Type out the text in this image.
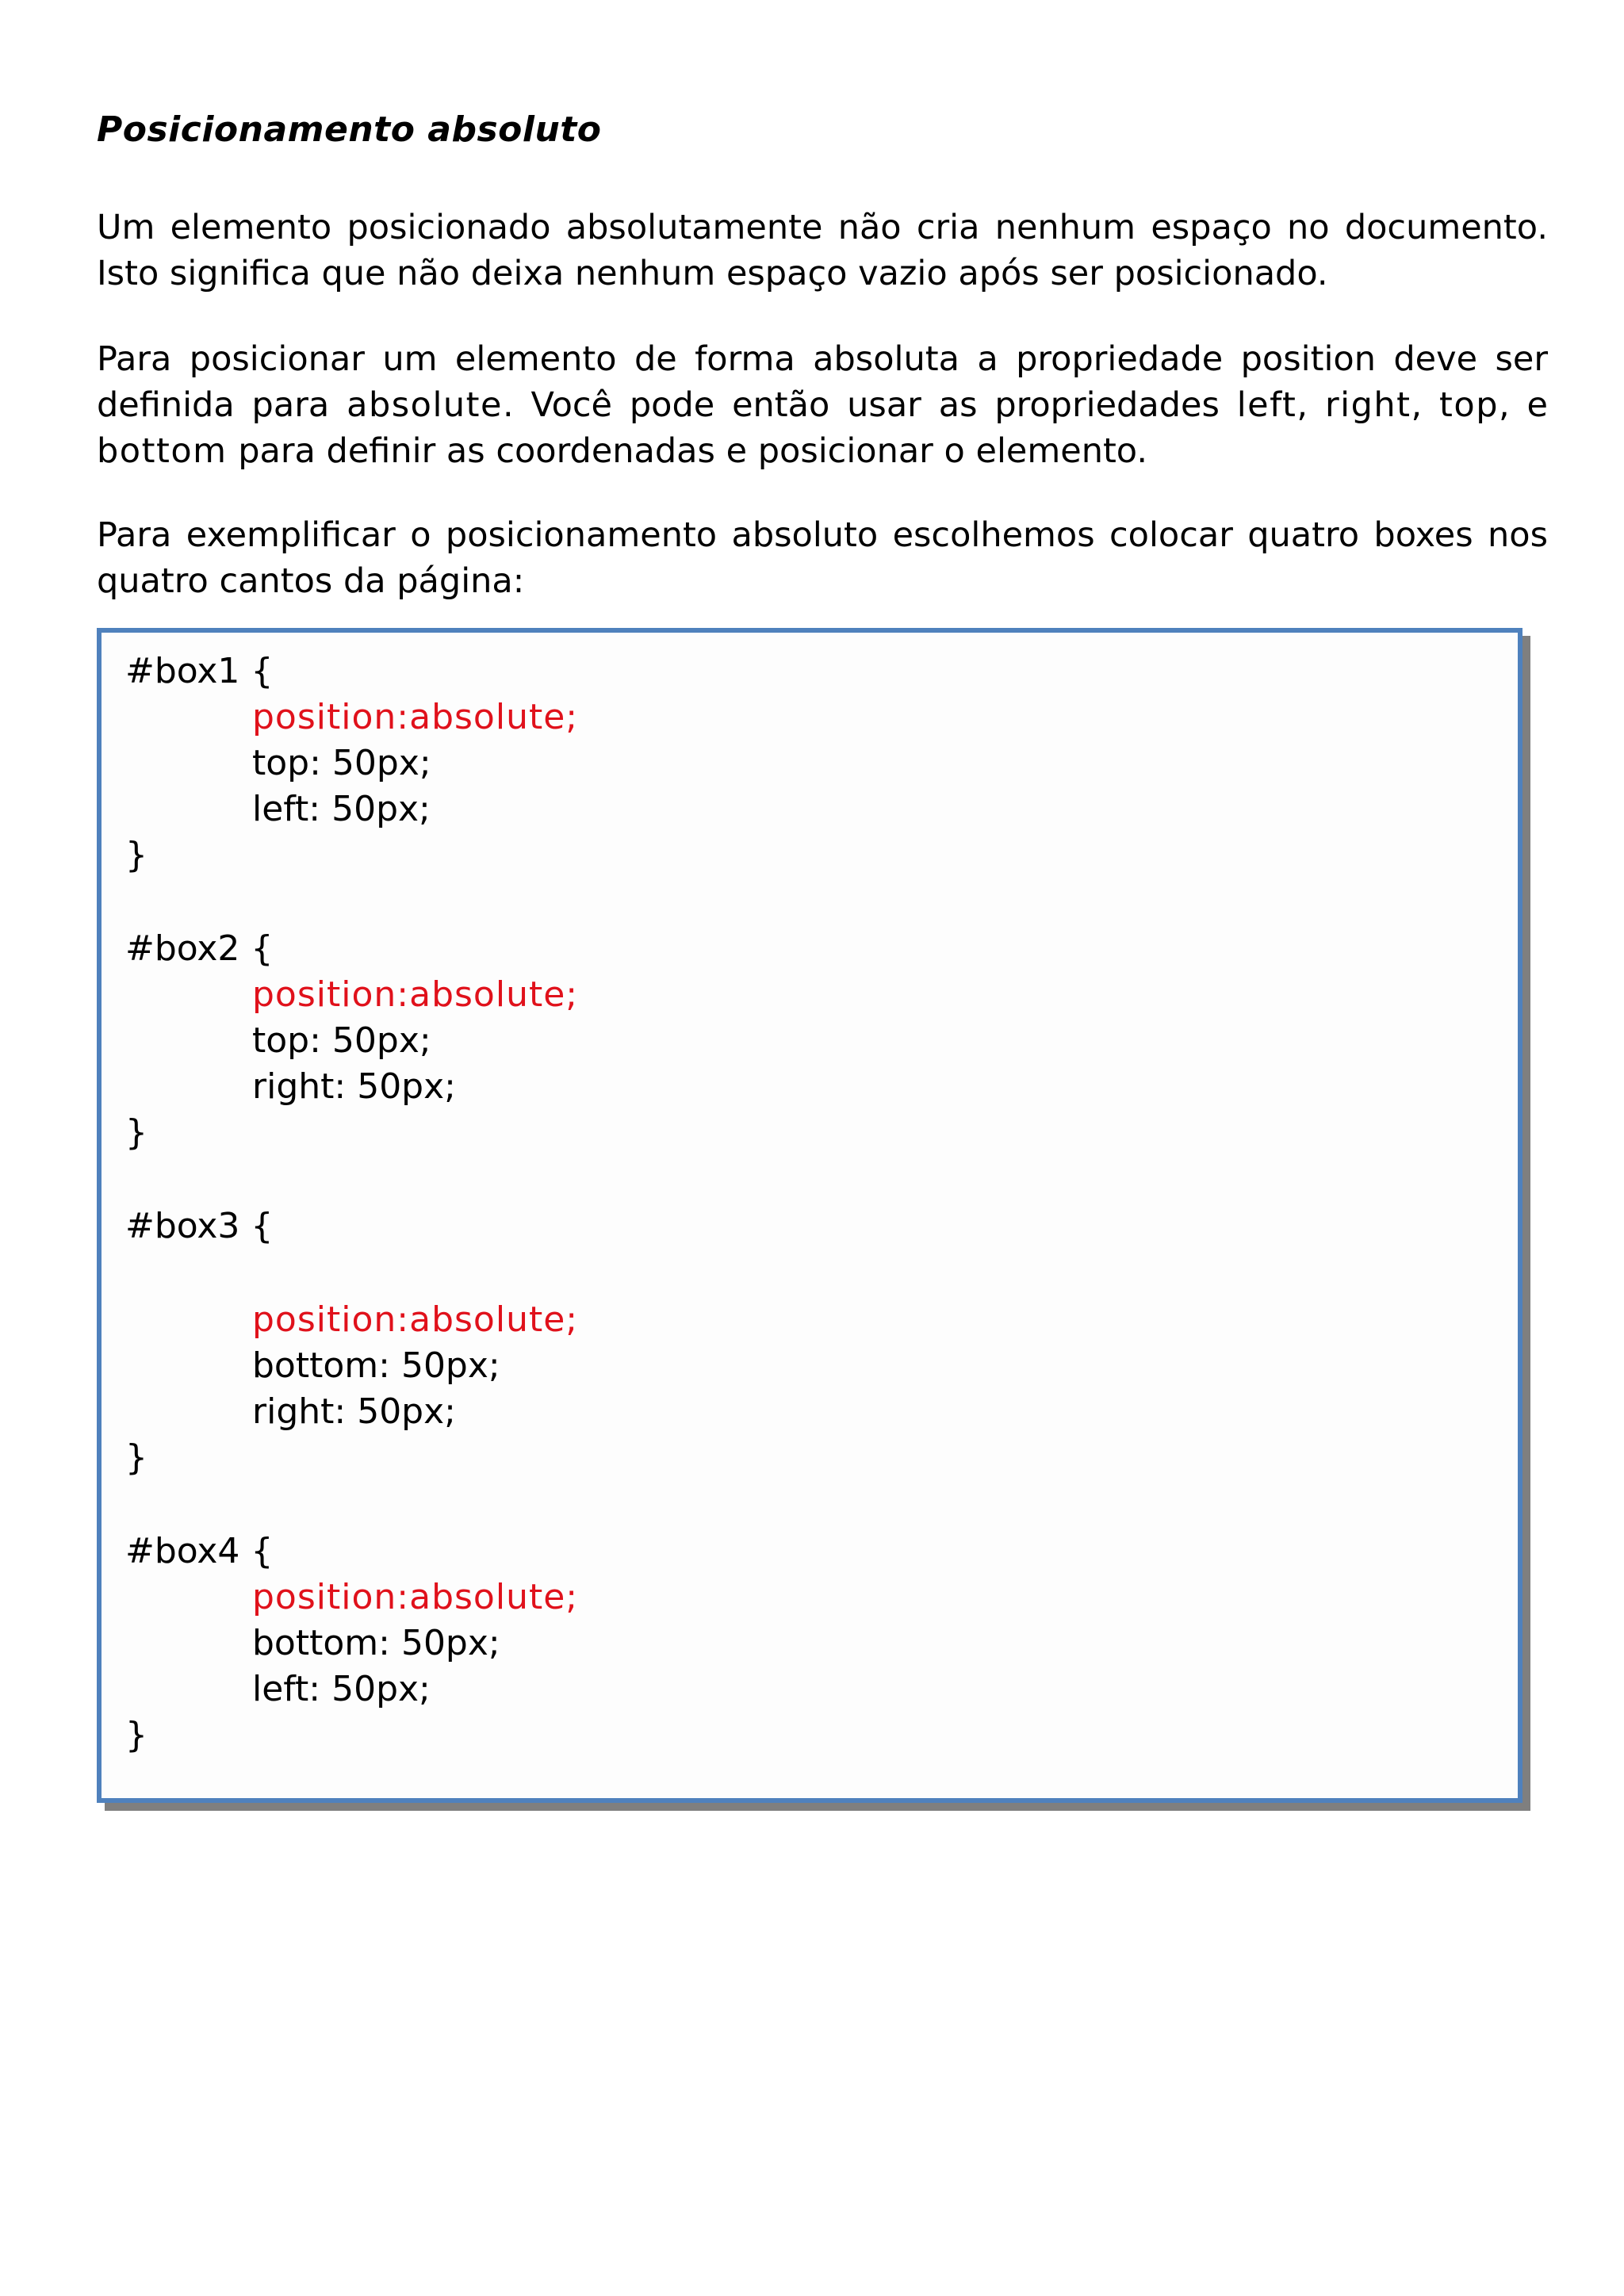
Posicionamento absoluto

Um elemento posicionado absolutamente não cria nenhum espaço no documento. Isto significa que não deixa nenhum espaço vazio após ser posicionado.

Para posicionar um elemento de forma absoluta a propriedade position deve ser definida para absolute. Você pode então usar as propriedades left, right, top, e bottom para definir as coordenadas e posicionar o elemento.

Para exemplificar o posicionamento absoluto escolhemos colocar quatro boxes nos quatro cantos da página:

#box1 {

position:absolute;

top: 50px;

left: 50px;

}

#box2 {

position:absolute;

top: 50px;

right: 50px;

}

#box3 {

position:absolute;

bottom: 50px;

right: 50px;

}

#box4 {

position:absolute;

bottom: 50px;

left: 50px;

}
